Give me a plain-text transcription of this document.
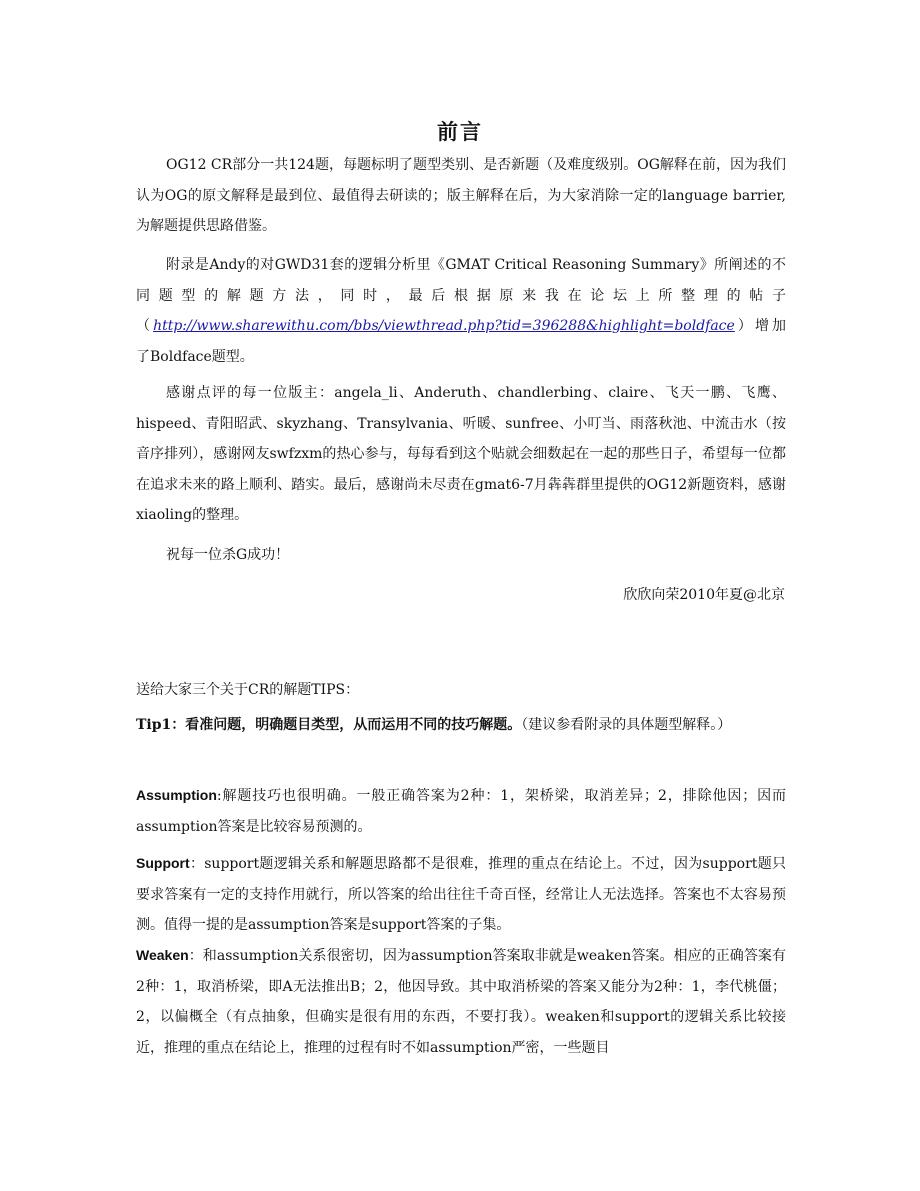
前言

OG12 CR部分一共124题，每题标明了题型类别、是否新题（及难度级别。OG解释在前，因为我们认为OG的原文解释是最到位、最值得去研读的；版主解释在后，为大家消除一定的language barrier, 为解题提供思路借鉴。

附录是Andy的对GWD31套的逻辑分析里《GMAT Critical Reasoning Summary》所阐述的不同题型的解题方法，同时，最后根据原来我在论坛上所整理的帖子（http://www.sharewithu.com/bbs/viewthread.php?tid=396288&highlight=boldface）增加了Boldface题型。

感谢点评的每一位版主：angela_li、Anderuth、chandlerbing、claire、飞天一鹏、飞鹰、hispeed、青阳昭武、skyzhang、Transylvania、听暖、sunfree、小叮当、雨落秋池、中流击水（按音序排列），感谢网友swfzxm的热心参与，每每看到这个贴就会细数起在一起的那些日子，希望每一位都在追求未来的路上顺利、踏实。最后，感谢尚未尽责在gmat6-7月犇犇群里提供的OG12新题资料，感谢xiaoling的整理。

祝每一位杀G成功！

欣欣向荣2010年夏@北京

送给大家三个关于CR的解题TIPS：

Tip1：看准问题，明确题目类型，从而运用不同的技巧解题。（建议参看附录的具体题型解释。）

Assumption:解题技巧也很明确。一般正确答案为2种：1，架桥梁，取消差异；2，排除他因；因而assumption答案是比较容易预测的。

Support：support题逻辑关系和解题思路都不是很难，推理的重点在结论上。不过，因为support题只要求答案有一定的支持作用就行，所以答案的给出往往千奇百怪，经常让人无法选择。答案也不太容易预测。值得一提的是assumption答案是support答案的子集。

Weaken：和assumption关系很密切，因为assumption答案取非就是weaken答案。相应的正确答案有2种：1，取消桥梁，即A无法推出B；2，他因导致。其中取消桥梁的答案又能分为2种：1，李代桃僵；2，以偏概全（有点抽象，但确实是很有用的东西，不要打我）。weaken和support的逻辑关系比较接近，推理的重点在结论上，推理的过程有时不如assumption严密，一些题目
